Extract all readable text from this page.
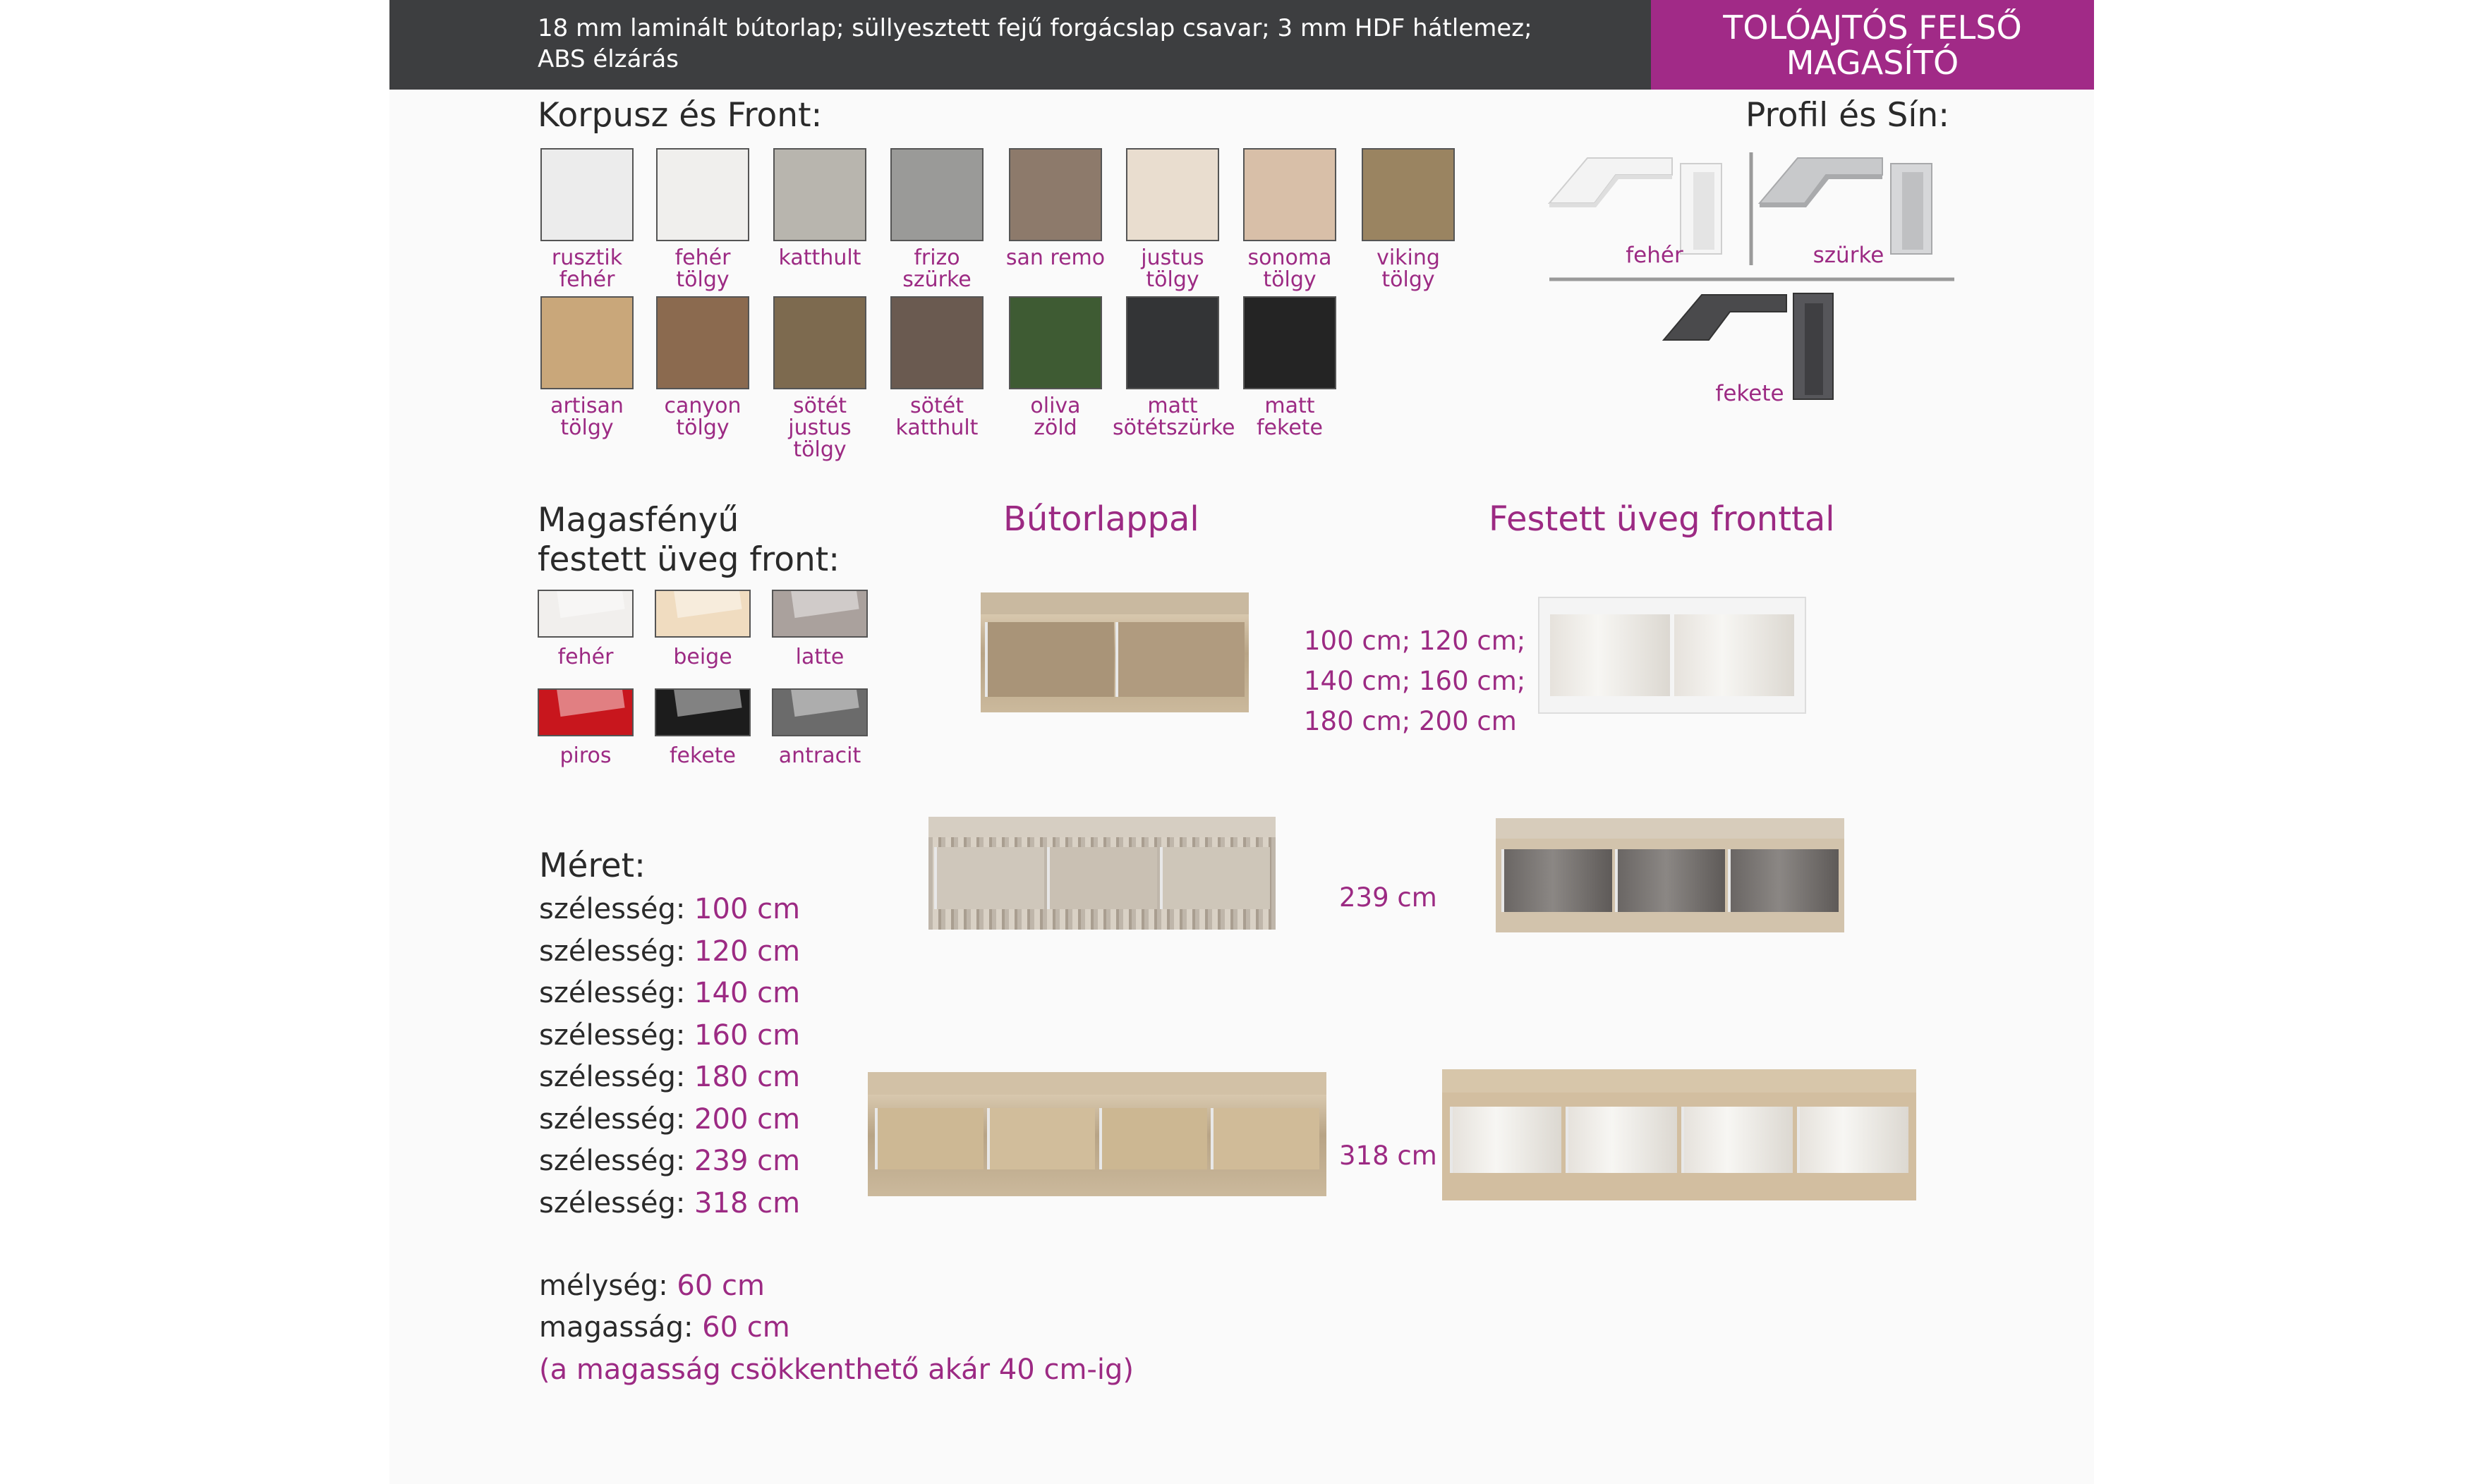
18 mm laminált bútorlap; süllyesztett fejű forgácslap csavar; 3 mm HDF hátlemez;
ABS élzárás
TOLÓAJTÓS FELSŐ
MAGASÍTÓ
Korpusz és Front:
rusztik
fehér
fehér
tölgy
katthult	frizo
szürke
san remo	justus
tölgy
sonoma
tölgy
viking
tölgy
artisan
tölgy
canyon
tölgy
sötét
justus tölgy
sötét
katthult
oliva
zöld
matt
sötétszürke
matt
fekete
Profil és Sín:
fehér	szürke
fekete
Magasfényű
festett üveg front:
fehér	beige	latte
piros	fekete	antracit
Bútorlappal	Festett üveg fronttal
100 cm; 120 cm;
140 cm; 160 cm;
180 cm; 200 cm
239 cm
318 cm
Méret:
szélesség: 100 cm
szélesség: 120 cm
szélesség: 140 cm
szélesség: 160 cm
szélesség: 180 cm
szélesség: 200 cm
szélesség: 239 cm
szélesség: 318 cm
mélység: 60 cm
magasság: 60 cm
(a magasság csökkenthető akár 40 cm-ig)
